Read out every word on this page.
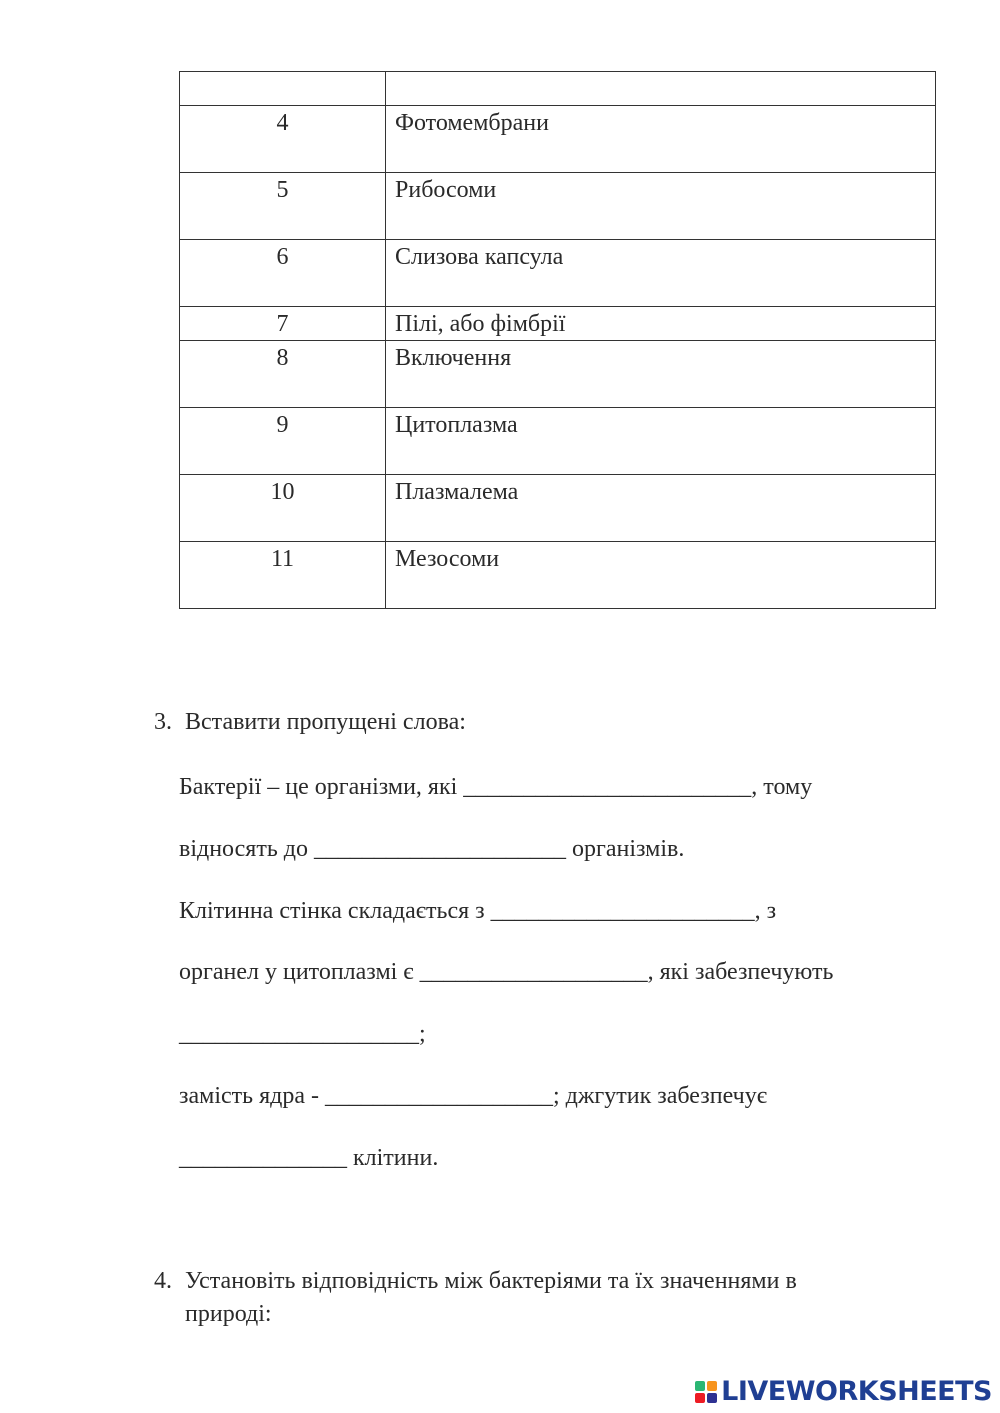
4	Фотомембрани
5	Рибосоми
6	Слизова капсула
7	Пілі, або фімбрії
8	Включення
9	Цитоплазма
10	Плазмалема
11	Мезосоми
3. Вставити пропущені слова:
Бактерії – це організми, які ________________________, тому
відносять до _____________________ організмів.
Клітинна стінка складається з ______________________, з
органел у цитоплазмі є ___________________, які забезпечують
____________________;
замість ядра - ___________________; джгутик забезпечує
______________ клітини.
4. Установіть відповідність між бактеріями та їх значеннями в
природі:
LIVEWORKSHEETS
